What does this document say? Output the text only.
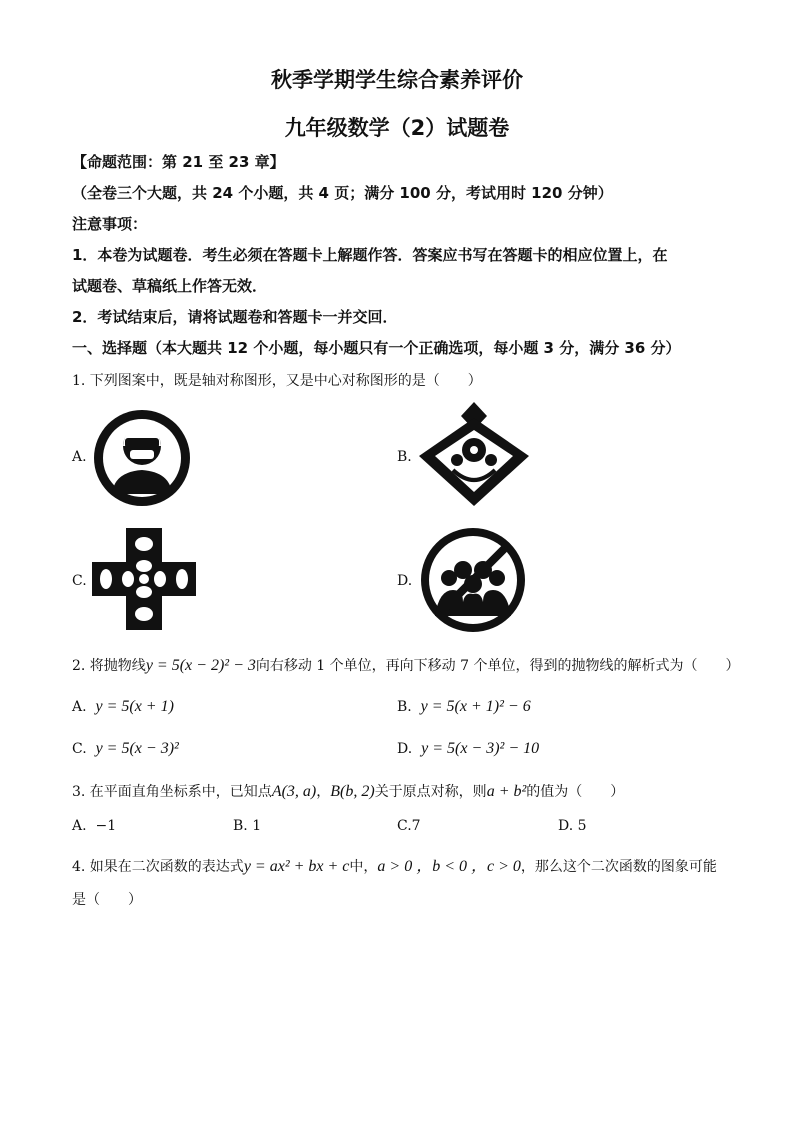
秋季学期学生综合素养评价
九年级数学（2）试题卷
【命题范围：第 21 至 23 章】
（全卷三个大题，共 24 个小题，共 4 页；满分 100 分，考试用时 120 分钟）
注意事项：
1．本卷为试题卷．考生必须在答题卡上解题作答．答案应书写在答题卡的相应位置上，在
试题卷、草稿纸上作答无效．
2．考试结束后，请将试题卷和答题卡一并交回．
一、选择题（本大题共 12 个小题，每小题只有一个正确选项，每小题 3 分，满分 36 分）
1. 下列图案中，既是轴对称图形，又是中心对称图形的是（　　）
A.	B.
C.	D.
2. 将抛物线y = 5(x − 2)² − 3向右移动 1 个单位，再向下移动 7 个单位，得到的抛物线的解析式为（　　）
A. y = 5(x + 1)	B. y = 5(x + 1)² − 6
C. y = 5(x − 3)²	D. y = 5(x − 3)² − 10
3. 在平面直角坐标系中，已知点A(3, a)，B(b, 2)关于原点对称，则a + b²的值为（　　）
A. −1	B. 1	C.7	D. 5
4. 如果在二次函数的表达式y = ax² + bx + c中，a > 0 ，b < 0 ，c > 0，那么这个二次函数的图象可能
是（　　）
